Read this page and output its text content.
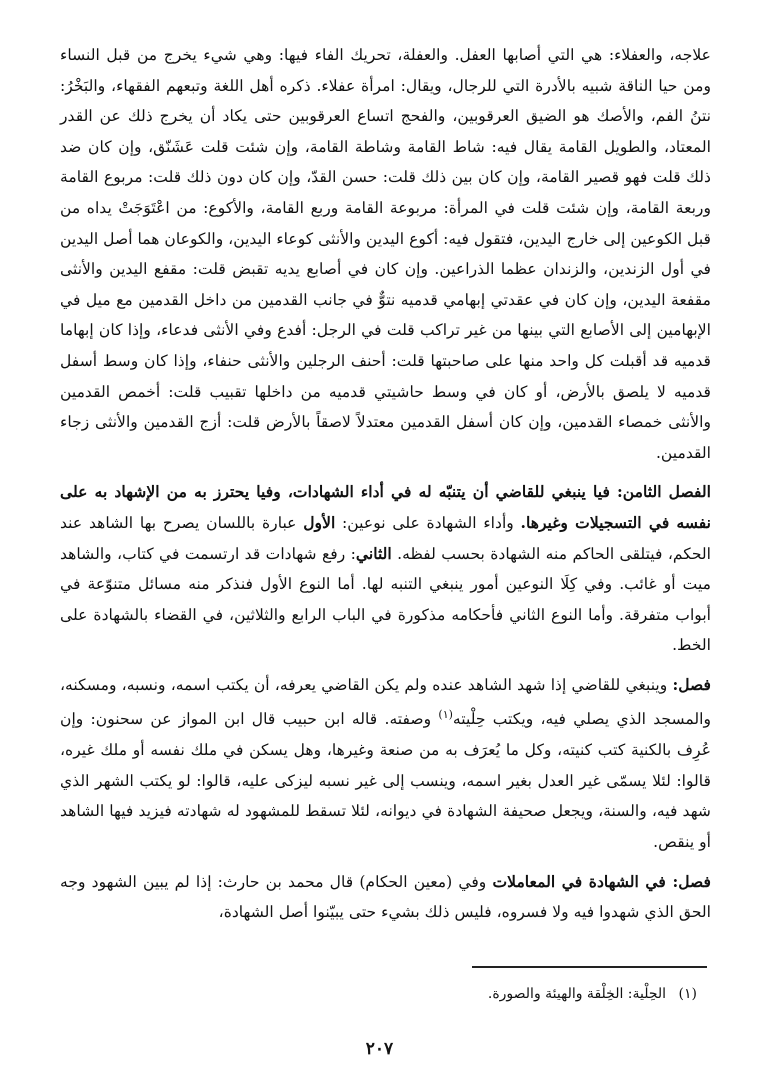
علاجه، والعفلاء: هي التي أصابها العفل. والعفلة، تحريك الفاء فيها: وهي شيء يخرج من قبل النساء ومن حيا الناقة شبيه بالأدرة التي للرجال، ويقال: امرأة عفلاء. ذكره أهل اللغة وتبعهم الفقهاء، والبَخْرُ: نتنُ الفم، والأصك هو الضيق العرقوبين، والفحج اتساع العرقوبين حتى يكاد أن يخرج ذلك عن القدر المعتاد، والطويل القامة يقال فيه: شاط القامة وشاطة القامة، وإن شئت قلت عَشَنّق، وإن كان ضد ذلك قلت فهو قصير القامة، وإن كان بين ذلك قلت: حسن القدّ، وإن كان دون ذلك قلت: مربوع القامة وربعة القامة، وإن شئت قلت في المرأة: مربوعة القامة وربع القامة، والأكوع: من اعْتَوَجَتْ يداه من قبل الكوعين إلى خارج اليدين، فتقول فيه: أكوع اليدين والأنثى كوعاء اليدين، والكوعان هما أصل اليدين في أول الزندين، والزندان عظما الذراعين. وإن كان في أصابع يديه تقبض قلت: مقفع اليدين والأنثى مقفعة اليدين، وإن كان في عقدتي إبهامي قدميه نتوٌّ في جانب القدمين من داخل القدمين مع ميل في الإبهامين إلى الأصابع التي بينها من غير تراكب قلت في الرجل: أفدع وفي الأنثى فدعاء، وإذا كان إبهاما قدميه قد أقبلت كل واحد منها على صاحبتها قلت: أحنف الرجلين والأنثى حنفاء، وإذا كان وسط أسفل قدميه لا يلصق بالأرض، أو كان في وسط حاشيتي قدميه من داخلها تقبيب قلت: أخمص القدمين والأنثى خمصاء القدمين، وإن كان أسفل القدمين معتدلاً لاصقاً بالأرض قلت: أزج القدمين والأنثى زجاء القدمين.

الفصل الثامن: فيا ينبغي للقاضي أن يتنبّه له في أداء الشهادات، وفيا يحترز به من الإشهاد به على نفسه في التسجيلات وغيرها. وأداء الشهادة على نوعين: الأول عبارة باللسان يصرح بها الشاهد عند الحكم، فيتلقى الحاكم منه الشهادة بحسب لفظه. الثاني: رفع شهادات قد ارتسمت في كتاب، والشاهد ميت أو غائب. وفي كِلَا النوعين أمور ينبغي التنبه لها. أما النوع الأول فنذكر منه مسائل متنوّعة في أبواب متفرقة. وأما النوع الثاني فأحكامه مذكورة في الباب الرابع والثلاثين، في القضاء بالشهادة على الخط.

فصل: وينبغي للقاضي إذا شهد الشاهد عنده ولم يكن القاضي يعرفه، أن يكتب اسمه، ونسبه، ومسكنه، والمسجد الذي يصلي فيه، ويكتب حِلْيته$^{(١)}$ وصفته. قاله ابن حبيب قال ابن المواز عن سحنون: وإن عُرِف بالكنية كتب كنيته، وكل ما يُعرَف به من صنعة وغيرها، وهل يسكن في ملك نفسه أو ملك غيره، قالوا: لئلا يسمّى غير العدل بغير اسمه، وينسب إلى غير نسبه ليزكى عليه، قالوا: لو يكتب الشهر الذي شهد فيه، والسنة، ويجعل صحيفة الشهادة في ديوانه، لئلا تسقط للمشهود له شهادته فيزيد فيها الشاهد أو ينقص.

فصل: في الشهادة في المعاملات وفي (معين الحكام) قال محمد بن حارث: إذا لم يبين الشهود وجه الحق الذي شهدوا فيه ولا فسروه، فليس ذلك بشيء حتى يبيّنوا أصل الشهادة،

(١) الحِلْية: الخِلْقة والهيئة والصورة.
٢٠٧
